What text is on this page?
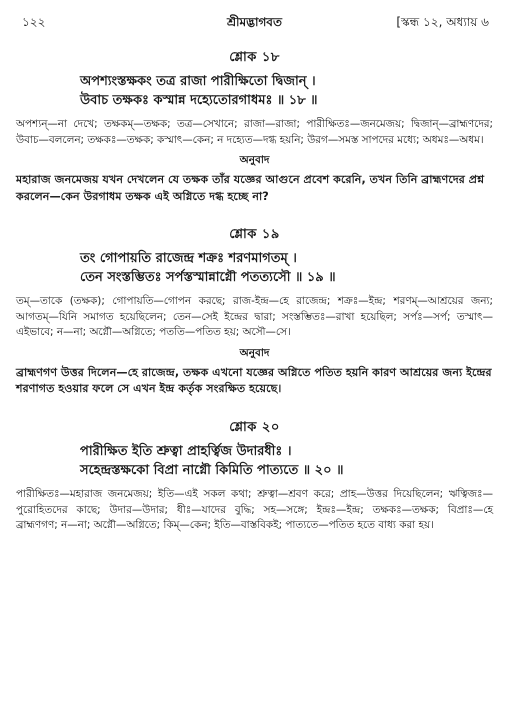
১২২	শ্রীমদ্ভাগবত	[স্কন্ধ ১২, অধ্যায় ৬
শ্লোক ১৮
অপশ্যংস্তক্ষকং তত্র রাজা পারীক্ষিতো দ্বিজান্ ।
উবাচ তক্ষকঃ কস্মান্ন দহ্যেতোরগাধমঃ ॥ ১৮ ॥
অপশ্যন্—না দেখে; তক্ষকম্—তক্ষক; তত্র—সেখানে; রাজা—রাজা; পারীক্ষিতঃ—জনমেজয়; দ্বিজান্—ব্রাহ্মণদের; উবাচ—বললেন; তক্ষকঃ—তক্ষক; কস্মাৎ—কেন; ন দহ্যেত—দগ্ধ হয়নি; উরগ—সমস্ত সাপদের মধ্যে; অধমঃ—অধম।
অনুবাদ
মহারাজ জনমেজয় যখন দেখলেন যে তক্ষক তাঁর যজ্ঞের আগুনে প্রবেশ করেনি, তখন তিনি ব্রাহ্মণদের প্রশ্ন করলেন—কেন উরগাধম তক্ষক এই অগ্নিতে দগ্ধ হচ্ছে না?
শ্লোক ১৯
তং গোপায়তি রাজেন্দ্র শক্রঃ শরণমাগতম্ ।
তেন সংস্তম্ভিতঃ সর্পস্তস্মান্নাগ্নৌ পতত্যসৌ ॥ ১৯ ॥
তম্—তাকে (তক্ষক); গোপায়তি—গোপন করছে; রাজ-ইন্দ্র—হে রাজেন্দ্র; শক্রঃ—ইন্দ্র; শরণম্—আশ্রয়ের জন্য; আগতম্—যিনি সমাগত হয়েছিলেন; তেন—সেই ইন্দ্রের দ্বারা; সংস্তম্ভিতঃ—রাখা হয়েছিল; সর্পঃ—সর্প; তস্মাৎ—এইভাবে; ন—না; অগ্নৌ—অগ্নিতে; পততি—পতিত হয়; অসৌ—সে।
অনুবাদ
ব্রাহ্মণগণ উত্তর দিলেন—হে রাজেন্দ্র, তক্ষক এখনো যজ্ঞের অগ্নিতে পতিত হয়নি কারণ আশ্রয়ের জন্য ইন্দ্রের শরণাগত হওয়ার ফলে সে এখন ইন্দ্র কর্তৃক সংরক্ষিত হয়েছে।
শ্লোক ২০
পারীক্ষিত ইতি শ্রুত্বা প্রাহর্ত্বিজ উদারধীঃ ।
সহেন্দ্রস্তক্ষকো বিপ্রা নাগ্নৌ কিমিতি পাত্যতে ॥ ২০ ॥
পারীক্ষিতঃ—মহারাজ জনমেজয়; ইতি—এই সকল কথা; শ্রুত্বা—শ্রবণ করে; প্রাহ—উত্তর দিয়েছিলেন; ঋত্বিজঃ—পুরোহিতদের কাছে; উদার—উদার; ধীঃ—যাদের বুদ্ধি; সহ—সঙ্গে; ইন্দ্রঃ—ইন্দ্র; তক্ষকঃ—তক্ষক; বিপ্রাঃ—হে ব্রাহ্মণগণ; ন—না; অগ্নৌ—অগ্নিতে; কিম্—কেন; ইতি—বাস্তবিকই; পাত্যতে—পতিত হতে বাধ্য করা হয়।
